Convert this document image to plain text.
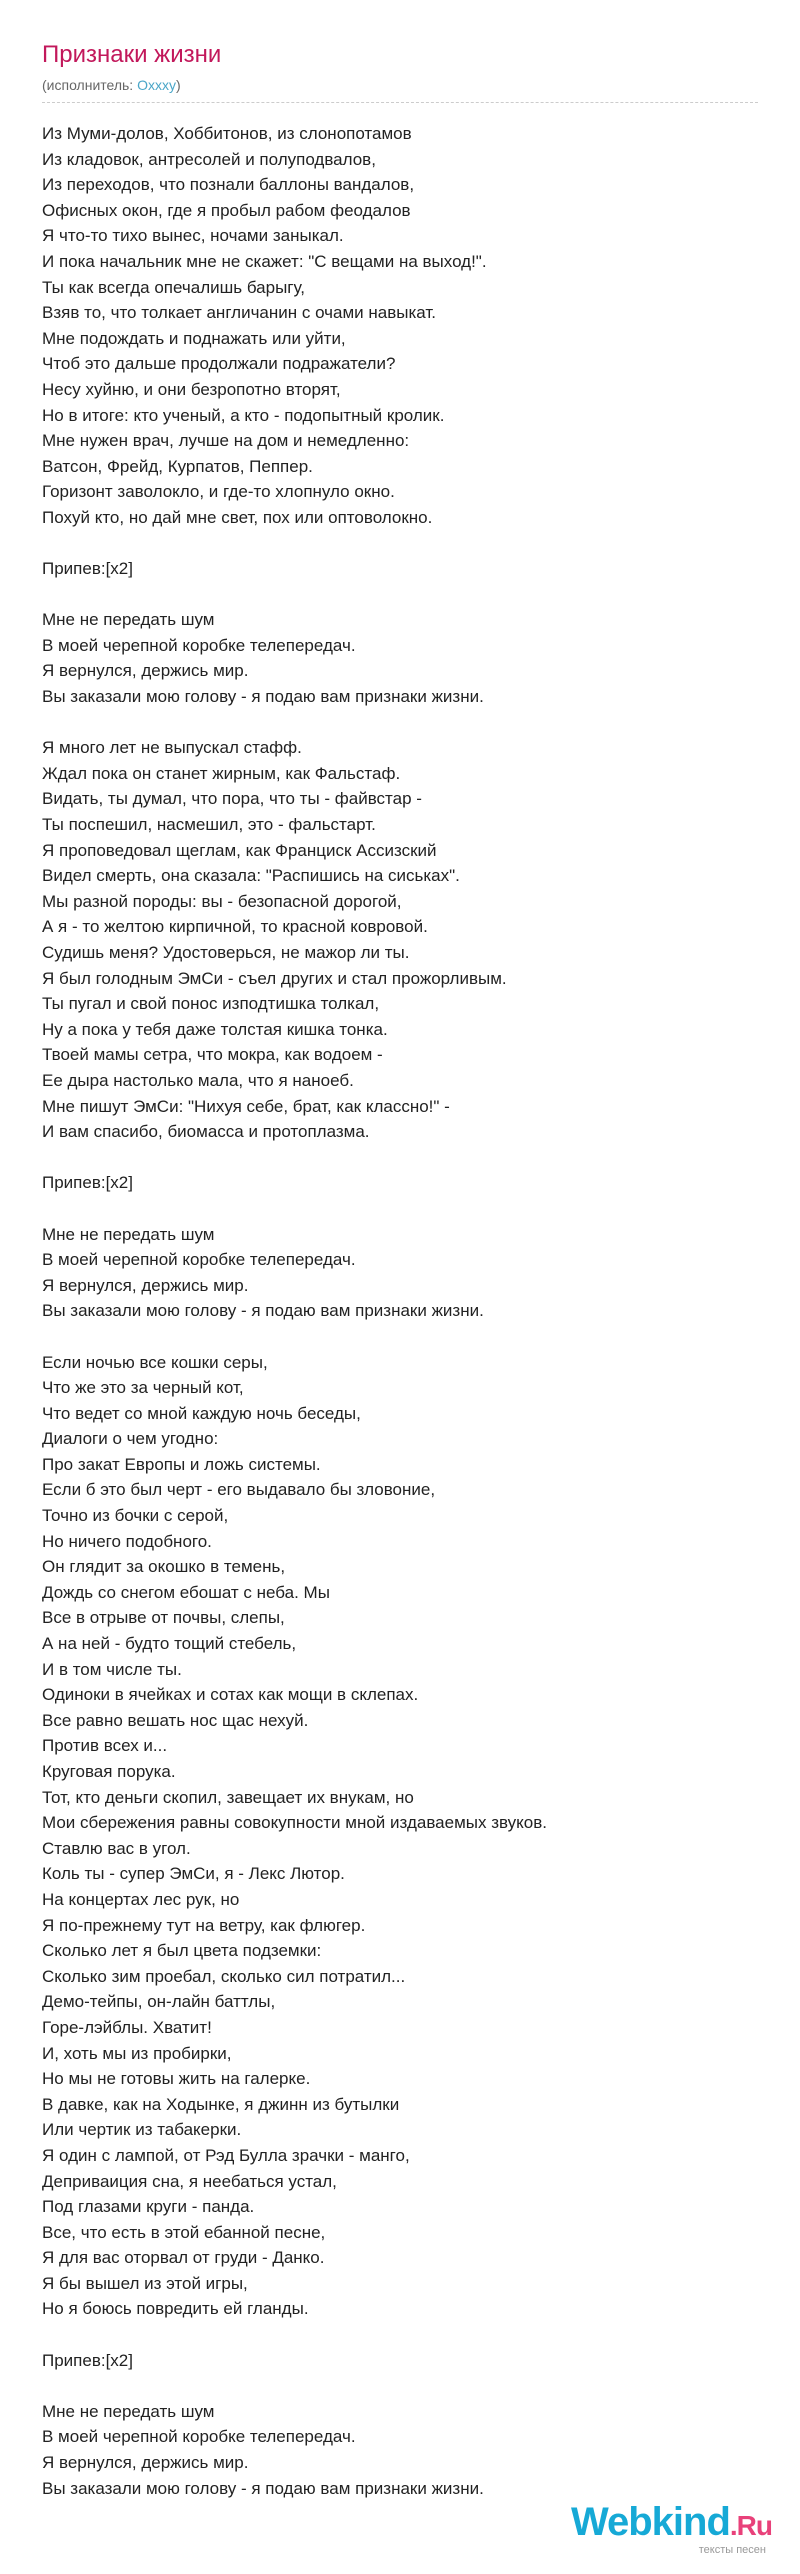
Признаки жизни
(исполнитель: Oxxxy)
Из Муми-долов, Хоббитонов, из слонопотамов
Из кладовок, антресолей и полуподвалов,
Из переходов, что познали баллоны вандалов,
Офисных окон, где я пробыл рабом феодалов
Я что-то тихо вынес, ночами заныкал.
И пока начальник мне не скажет: "С вещами на выход!".
Ты как всегда опечалишь барыгу,
Взяв то, что толкает англичанин с очами навыкат.
Мне подождать и поднажать или уйти,
Чтоб это дальше продолжали подражатели?
Несу хуйню, и они безропотно вторят,
Но в итоге: кто ученый, а кто - подопытный кролик.
Мне нужен врач, лучше на дом и немедленно:
Ватсон, Фрейд, Курпатов, Пеппер.
Горизонт заволокло, и где-то хлопнуло окно.
Похуй кто, но дай мне свет, пох или оптоволокно.

Припев:[x2]

Мне не передать шум
В моей черепной коробке телепередач.
Я вернулся, держись мир.
Вы заказали мою голову - я подаю вам признаки жизни.

Я много лет не выпускал стафф.
Ждал пока он станет жирным, как Фальстаф.
Видать, ты думал, что пора, что ты - файвстар -
Ты поспешил, насмешил, это - фальстарт.
Я проповедовал щеглам, как Франциск Ассизский
Видел смерть, она сказала: "Распишись на сиськах".
Мы разной породы: вы - безопасной дорогой,
А я - то желтою кирпичной, то красной ковровой.
Судишь меня? Удостоверься, не мажор ли ты.
Я был голодным ЭмСи - съел других и стал прожорливым.
Ты пугал и свой понос изподтишка толкал,
Ну а пока у тебя даже толстая кишка тонка.
Твоей мамы сетра, что мокра, как водоем -
Ее дыра настолько мала, что я наноеб.
Мне пишут ЭмСи: "Нихуя себе, брат, как классно!" -
И вам спасибо, биомасса и протоплазма.

Припев:[x2]

Мне не передать шум
В моей черепной коробке телепередач.
Я вернулся, держись мир.
Вы заказали мою голову - я подаю вам признаки жизни.

Если ночью все кошки серы,
Что же это за черный кот,
Что ведет со мной каждую ночь беседы,
Диалоги о чем угодно:
Про закат Европы и ложь системы.
Если б это был черт - его выдавало бы зловоние,
Точно из бочки с серой,
Но ничего подобного.
Он глядит за окошко в темень,
Дождь со снегом ебошат с неба. Мы
Все в отрыве от почвы, слепы,
А на ней - будто тощий стебель,
И в том числе ты.
Одиноки в ячейках и сотах как мощи в склепах.
Все равно вешать нос щас нехуй.
Против всех и...
Круговая порука.
Тот, кто деньги скопил, завещает их внукам, но
Мои сбережения равны совокупности мной издаваемых звуков.
Ставлю вас в угол.
Коль ты - супер ЭмСи, я - Лекс Лютор.
На концертах лес рук, но
Я по-прежнему тут на ветру, как флюгер.
Сколько лет я был цвета подземки:
Сколько зим проебал, сколько сил потратил...
Демо-тейпы, он-лайн баттлы,
Горе-лэйблы. Хватит!
И, хоть мы из пробирки,
Но мы не готовы жить на галерке.
В давке, как на Ходынке, я джинн из бутылки
Или чертик из табакерки.
Я один с лампой, от Рэд Булла зрачки - манго,
Деприваиция сна, я неебаться устал,
Под глазами круги - панда.
Все, что есть в этой ебанной песне,
Я для вас оторвал от груди - Данко.
Я бы вышел из этой игры,
Но я боюсь повредить ей гланды.

Припев:[x2]

Мне не передать шум
В моей черепной коробке телепередач.
Я вернулся, держись мир.
Вы заказали мою голову - я подаю вам признаки жизни.
Webkind.Ru
тексты песен
